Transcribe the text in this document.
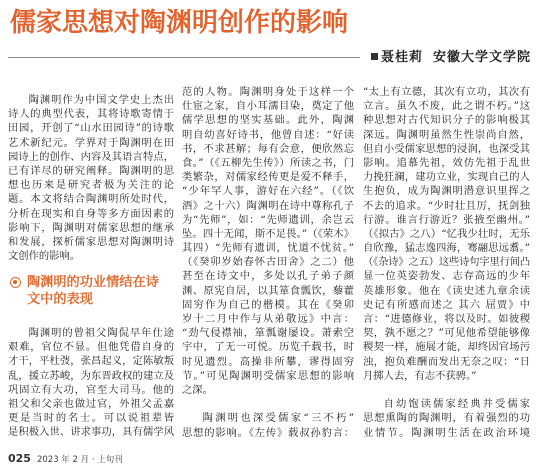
儒家思想对陶渊明创作的影响
聂桂莉 安徽大学文学院
陶渊明作为中国文学史上杰出
诗人的典型代表，其将诗歌寄情于
田园，开创了“山水田园诗”的诗歌
艺术新纪元。学界对于陶渊明在田
园诗上的创作、内容及其语言特点，
已有详尽的研究阐释。陶渊明的思
想也历来是研究者极为关注的论
题。本文将结合陶渊明所处时代，
分析在现实和自身等多方面因素的
影响下，陶渊明对儒家思想的继承
和发展，探析儒家思想对陶渊明诗
文创作的影响。
陶渊明的功业情结在诗
文中的表现
陶渊明的曾祖父陶侃早年仕途
艰难，官位不显。但他凭借自身的
才干，平杜弢，张昌起义，定陈敏叛
乱，援立苏峻，为东晋政权的建立及
巩固立有大功，官至大司马。他的
祖父和父亲也做过官，外祖父孟嘉
更是当时的名士。可以说祖辈皆
是积极入世、讲求事功，具有儒学风
范的人物。陶渊明身处于这样一个
仕宦之家，自小耳濡目染，奠定了他
儒学思想的坚实基础。此外，陶渊
明自幼喜好诗书，他曾自述：“好读
书，不求甚解；每有会意，便欣然忘
食。”（《五柳先生传》）所读之书，门
类繁杂，对儒家经传更是爱不释手，
“少年罕人事，游好在六经”。（《饮
酒》之十六）陶渊明在诗中尊称孔子
为“先师”，如：“先师遗训，余岂云
坠。四十无闻，斯不足畏。”（《荣木》
其四）“先师有遗训，忧道不忧贫。”
（《癸卯岁始春怀古田舍》之二）他
甚至在诗文中，多处以孔子弟子颜
渊、原宪自居，以其箪食瓢饮，藜藿
固穷作为自己的楷模。其在《癸卯
岁十二月中作与从弟敬远》中言：
“劲气侵襟袖，箪瓢谢屡设。萧索空
宇中，了无一可悦。历览千载书，时
时见遗烈。高操非所攀，谬得固穷
节。”可见陶渊明受儒家思想的影响
之深。
陶渊明也深受儒家“三不朽”
思想的影响。《左传》载叔孙豹言：
“太上有立德，其次有立功，其次有
立言。虽久不废，此之谓不朽。”这
种思想对古代知识分子的影响极其
深远。陶渊明虽然生性崇尚自然，
但自小受儒家思想的浸润，也深受其
影响。追慕先祖，效仿先祖于乱世
力挽狂澜，建功立业，实现自己的人
生抱负，成为陶渊明潜意识里挥之
不去的追求。“少时壮且厉，抚剑独
行游。谁言行游近？张掖至幽州。”
（《拟古》之八）“忆我少壮时，无乐
自欣豫，猛志逸四海，骞翮思远翥。”
（《杂诗》之五）这些诗句字里行间凸
显一位英姿勃发、志存高远的少年
英雄形象。他在《读史述九章余读
史记有所感而述之 其六 屈贾》中
言：“进德修业，将以及时。如彼稷
契，孰不愿之？”可见他希望能够像
稷契一样，施展才能，却终因官场污
浊，抱负难酬而发出无奈之叹：“日
月掷人去，有志不获骋。”
自幼饱读儒家经典并受儒家
思想熏陶的陶渊明，有着强烈的功
业情节。陶渊明生活在政治环境
025 2023 年 2 月 · 上旬刊
